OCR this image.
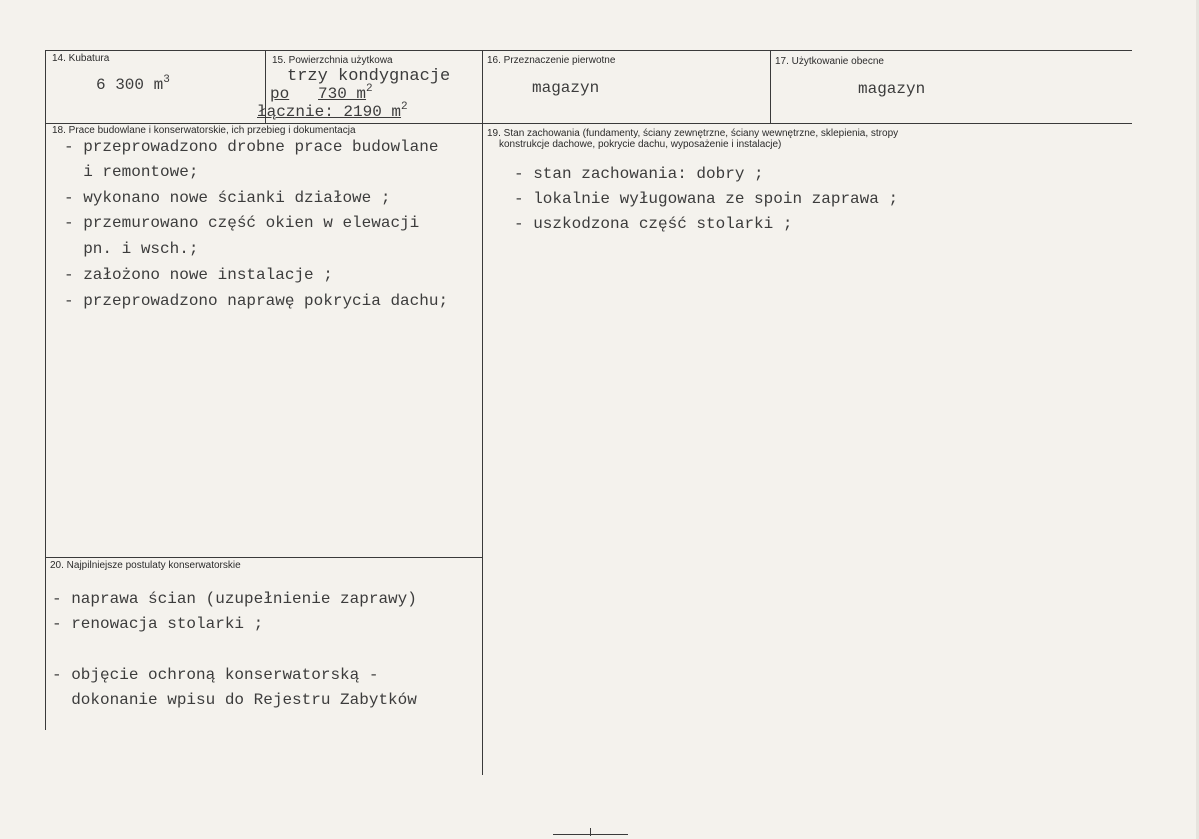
14. Kubatura
6 300 $m^3$
15. Powierzchnia użytkowa
trzy kondygnacje
po 730 $m^2$
łącznie: 2190 $m^2$
16. Przeznaczenie pierwotne
magazyn
17. Użytkowanie obecne
magazyn
18. Prace budowlane i konserwatorskie, ich przebieg i dokumentacja
- przeprowadzono drobne prace budowlane
i remontowe;
- wykonano nowe ścianki działowe ;
- przemurowano część okien w elewacji
pn. i wsch.;
- założono nowe instalacje ;
- przeprowadzono naprawę pokrycia dachu;
19. Stan zachowania (fundamenty, ściany zewnętrzne, ściany wewnętrzne, sklepienia, stropy
konstrukcje dachowe, pokrycie dachu, wyposażenie i instalacje)
- stan zachowania: dobry ;
- lokalnie wyługowana ze spoin zaprawa ;
- uszkodzona część stolarki ;
20. Najpilniejsze postulaty konserwatorskie
- naprawa ścian (uzupełnienie zaprawy)
- renowacja stolarki ;
- objęcie ochroną konserwatorską -
dokonanie wpisu do Rejestru Zabytków
